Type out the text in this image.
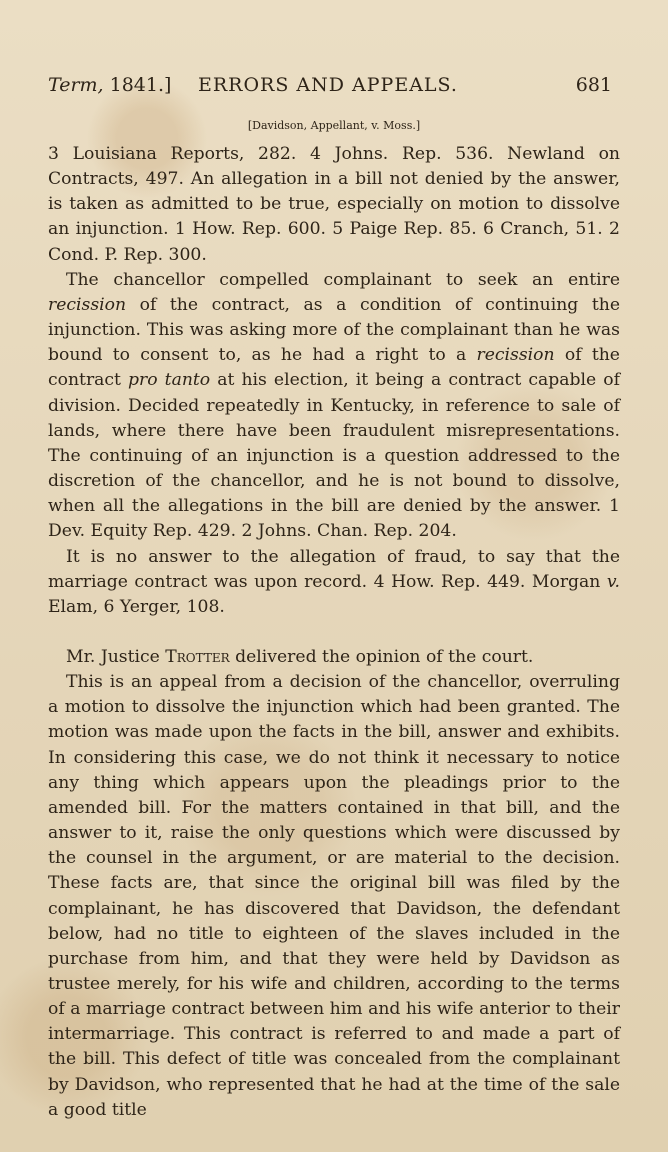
Term, 1841.] ERRORS AND APPEALS.	681
[Davidson, Appellant, v. Moss.]

3 Louisiana Reports, 282. 4 Johns. Rep. 536. Newland on Contracts, 497. An allegation in a bill not denied by the answer, is taken as admitted to be true, especially on motion to dissolve an injunction. 1 How. Rep. 600. 5 Paige Rep. 85. 6 Cranch, 51. 2 Cond. P. Rep. 300.

The chancellor compelled complainant to seek an entire recission of the contract, as a condition of continuing the injunction. This was asking more of the complainant than he was bound to consent to, as he had a right to a recission of the contract pro tanto at his election, it being a contract capable of division. Decided repeatedly in Kentucky, in reference to sale of lands, where there have been fraudulent misrepresentations. The continuing of an injunction is a question addressed to the discretion of the chancellor, and he is not bound to dissolve, when all the allegations in the bill are denied by the answer. 1 Dev. Equity Rep. 429. 2 Johns. Chan. Rep. 204.

It is no answer to the allegation of fraud, to say that the marriage contract was upon record. 4 How. Rep. 449. Morgan v. Elam, 6 Yerger, 108.

Mr. Justice Trotter delivered the opinion of the court.

This is an appeal from a decision of the chancellor, overruling a motion to dissolve the injunction which had been granted. The motion was made upon the facts in the bill, answer and exhibits. In considering this case, we do not think it necessary to notice any thing which appears upon the pleadings prior to the amended bill. For the matters contained in that bill, and the answer to it, raise the only questions which were discussed by the counsel in the argument, or are material to the decision. These facts are, that since the original bill was filed by the complainant, he has discovered that Davidson, the defendant below, had no title to eighteen of the slaves included in the purchase from him, and that they were held by Davidson as trustee merely, for his wife and children, according to the terms of a marriage contract between him and his wife anterior to their intermarriage. This contract is referred to and made a part of the bill. This defect of title was concealed from the complainant by Davidson, who represented that he had at the time of the sale a good title
